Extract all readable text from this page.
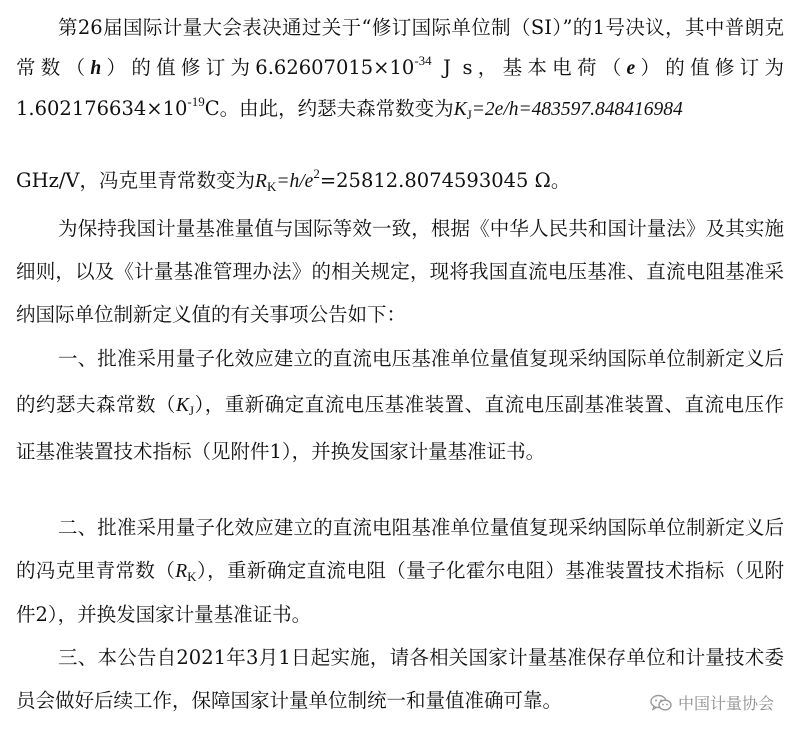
第26届国际计量大会表决通过关于“修订国际单位制（SI）”的1号决议，其中普朗克常数（h）的值修订为$6.62607015\times 10^{-34}$ J s，基本电荷（e）的值修订为$1.602176634\times 10^{-19}C$。由此，约瑟夫森常数变为$K_J=2e/h=483597.848416984$

GHz/V，冯克里青常数变为$R_K=h/e^2=25812.8074593045$ Ω。

为保持我国计量基准量值与国际等效一致，根据《中华人民共和国计量法》及其实施细则，以及《计量基准管理办法》的相关规定，现将我国直流电压基准、直流电阻基准采纳国际单位制新定义值的有关事项公告如下：

一、批准采用量子化效应建立的直流电压基准单位量值复现采纳国际单位制新定义后的约瑟夫森常数$(K_J)$，重新确定直流电压基准装置、直流电压副基准装置、直流电压作证基准装置技术指标（见附件1），并换发国家计量基准证书。

二、批准采用量子化效应建立的直流电阻基准单位量值复现采纳国际单位制新定义后的冯克里青常数$(R_K)$，重新确定直流电阻（量子化霍尔电阻）基准装置技术指标（见附件2），并换发国家计量基准证书。

三、本公告自2021年3月1日起实施，请各相关国家计量基准保存单位和计量技术委员会做好后续工作，保障国家计量单位制统一和量值准确可靠。	中国计量协会
